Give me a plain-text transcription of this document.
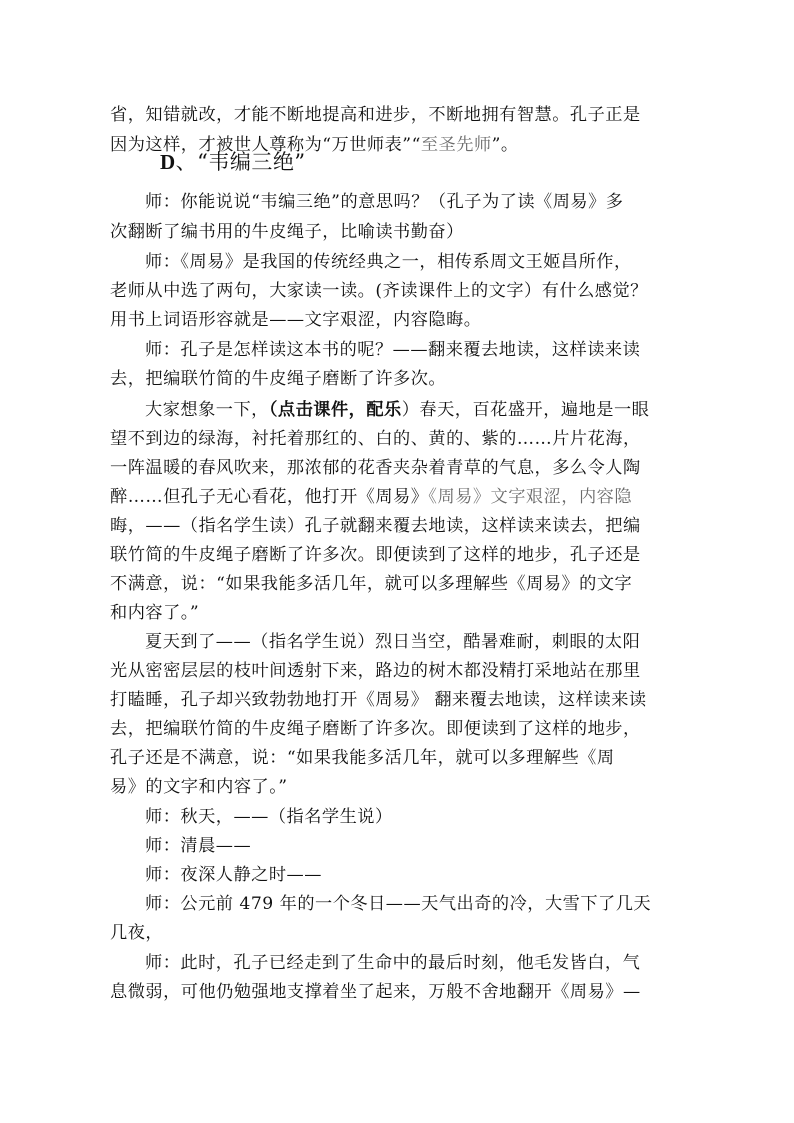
省，知错就改，才能不断地提高和进步，不断地拥有智慧。孔子正是
因为这样，才被世人尊称为“万世师表”“至圣先师”。
D、“韦编三绝”
师：你能说说“韦编三绝”的意思吗？（孔子为了读《周易》多
次翻断了编书用的牛皮绳子，比喻读书勤奋）
师：《周易》是我国的传统经典之一，相传系周文王姬昌所作，
老师从中选了两句，大家读一读。(齐读课件上的文字）有什么感觉？
用书上词语形容就是——文字艰涩，内容隐晦。
师：孔子是怎样读这本书的呢？——翻来覆去地读，这样读来读
去，把编联竹简的牛皮绳子磨断了许多次。
大家想象一下，（点击课件，配乐）春天，百花盛开，遍地是一眼
望不到边的绿海，衬托着那红的、白的、黄的、紫的……片片花海，
一阵温暖的春风吹来，那浓郁的花香夹杂着青草的气息，多么令人陶
醉……但孔子无心看花，他打开《周易》《周易》文字艰涩，内容隐
晦，——（指名学生读）孔子就翻来覆去地读，这样读来读去，把编
联竹简的牛皮绳子磨断了许多次。即便读到了这样的地步，孔子还是
不满意，说：“如果我能多活几年，就可以多理解些《周易》的文字
和内容了。”
夏天到了——（指名学生说）烈日当空，酷暑难耐，刺眼的太阳
光从密密层层的枝叶间透射下来，路边的树木都没精打采地站在那里
打瞌睡，孔子却兴致勃勃地打开《周易》 翻来覆去地读，这样读来读
去，把编联竹简的牛皮绳子磨断了许多次。即便读到了这样的地步，
孔子还是不满意，说：“如果我能多活几年，就可以多理解些《周
易》的文字和内容了。”
师：秋天，——（指名学生说）
师：清晨——
师：夜深人静之时——
师：公元前 479 年的一个冬日——天气出奇的冷，大雪下了几天
几夜，
师：此时，孔子已经走到了生命中的最后时刻，他毛发皆白，气
息微弱，可他仍勉强地支撑着坐了起来，万般不舍地翻开《周易》—
